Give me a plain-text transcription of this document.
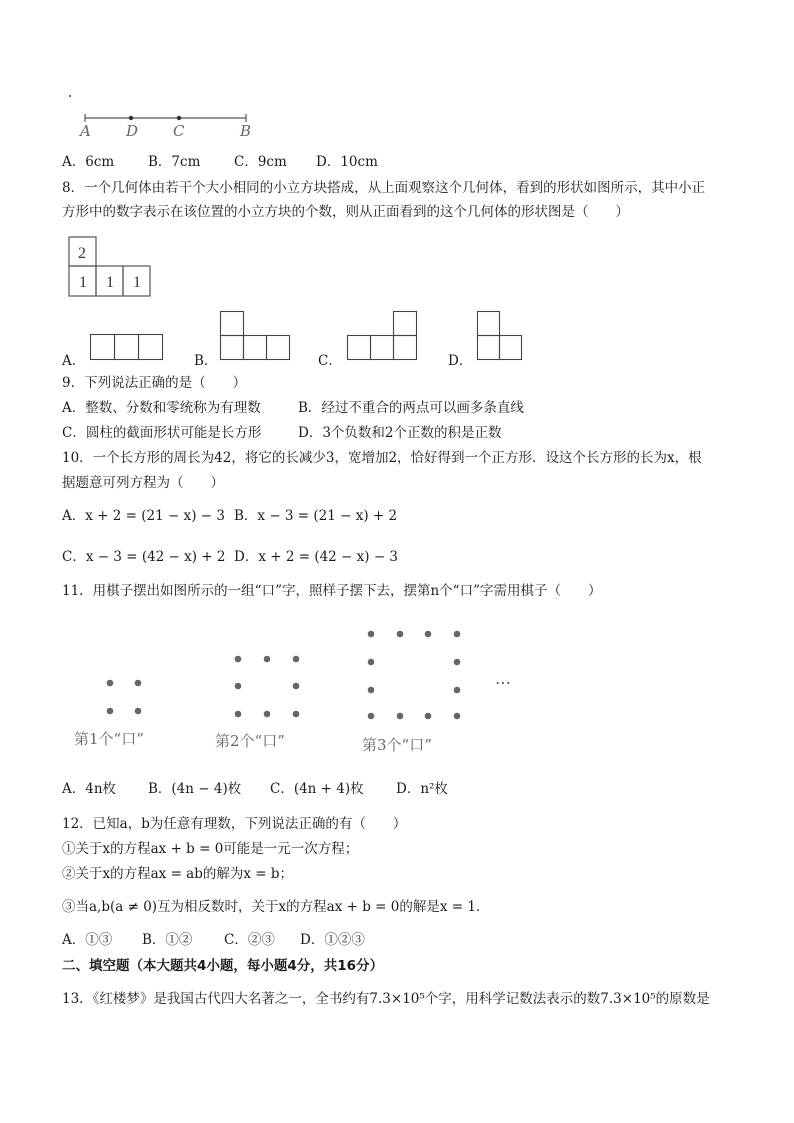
A D C	B
A．6cm	B．7cm C．9cm D．10cm
8．一个几何体由若干个大小相同的小立方块搭成，从上面观察这个几何体，看到的形状如图所示，其中小正
方形中的数字表示在该位置的小立方块的个数，则从正面看到的这个几何体的形状图是（　　）
2
1 1 1
A．	B．	C．	D．
9．下列说法正确的是（　　）
A．整数、分数和零统称为有理数	B．经过不重合的两点可以画多条直线
C．圆柱的截面形状可能是长方形	D．3个负数和2个正数的积是正数
10．一个长方形的周长为42，将它的长减少3，宽增加2，恰好得到一个正方形．设这个长方形的长为x，根
据题意可列方程为（　　）
A．x + 2 = (21 − x) − 3 B．x − 3 = (21 − x) + 2
C．x − 3 = (42 − x) + 2 D．x + 2 = (42 − x) − 3
11．用棋子摆出如图所示的一组“口”字，照样子摆下去，摆第n个“口”字需用棋子（　　）
…
第1个“口”	第2个“口”	第3个“口”
A．4n枚 B．(4n − 4)枚 C．(4n + 4)枚 D．n²枚
12．已知a，b为任意有理数，下列说法正确的有（　　）
①关于x的方程ax + b = 0可能是一元一次方程；
②关于x的方程ax = ab的解为x = b；
③当a,b(a ≠ 0)互为相反数时，关于x的方程ax + b = 0的解是x = 1．
A．①③ B．①② C．②③ D．①②③
二、填空题（本大题共4小题，每小题4分，共16分）
13．《红楼梦》是我国古代四大名著之一，全书约有7.3×10⁵个字，用科学记数法表示的数7.3×10⁵的原数是
